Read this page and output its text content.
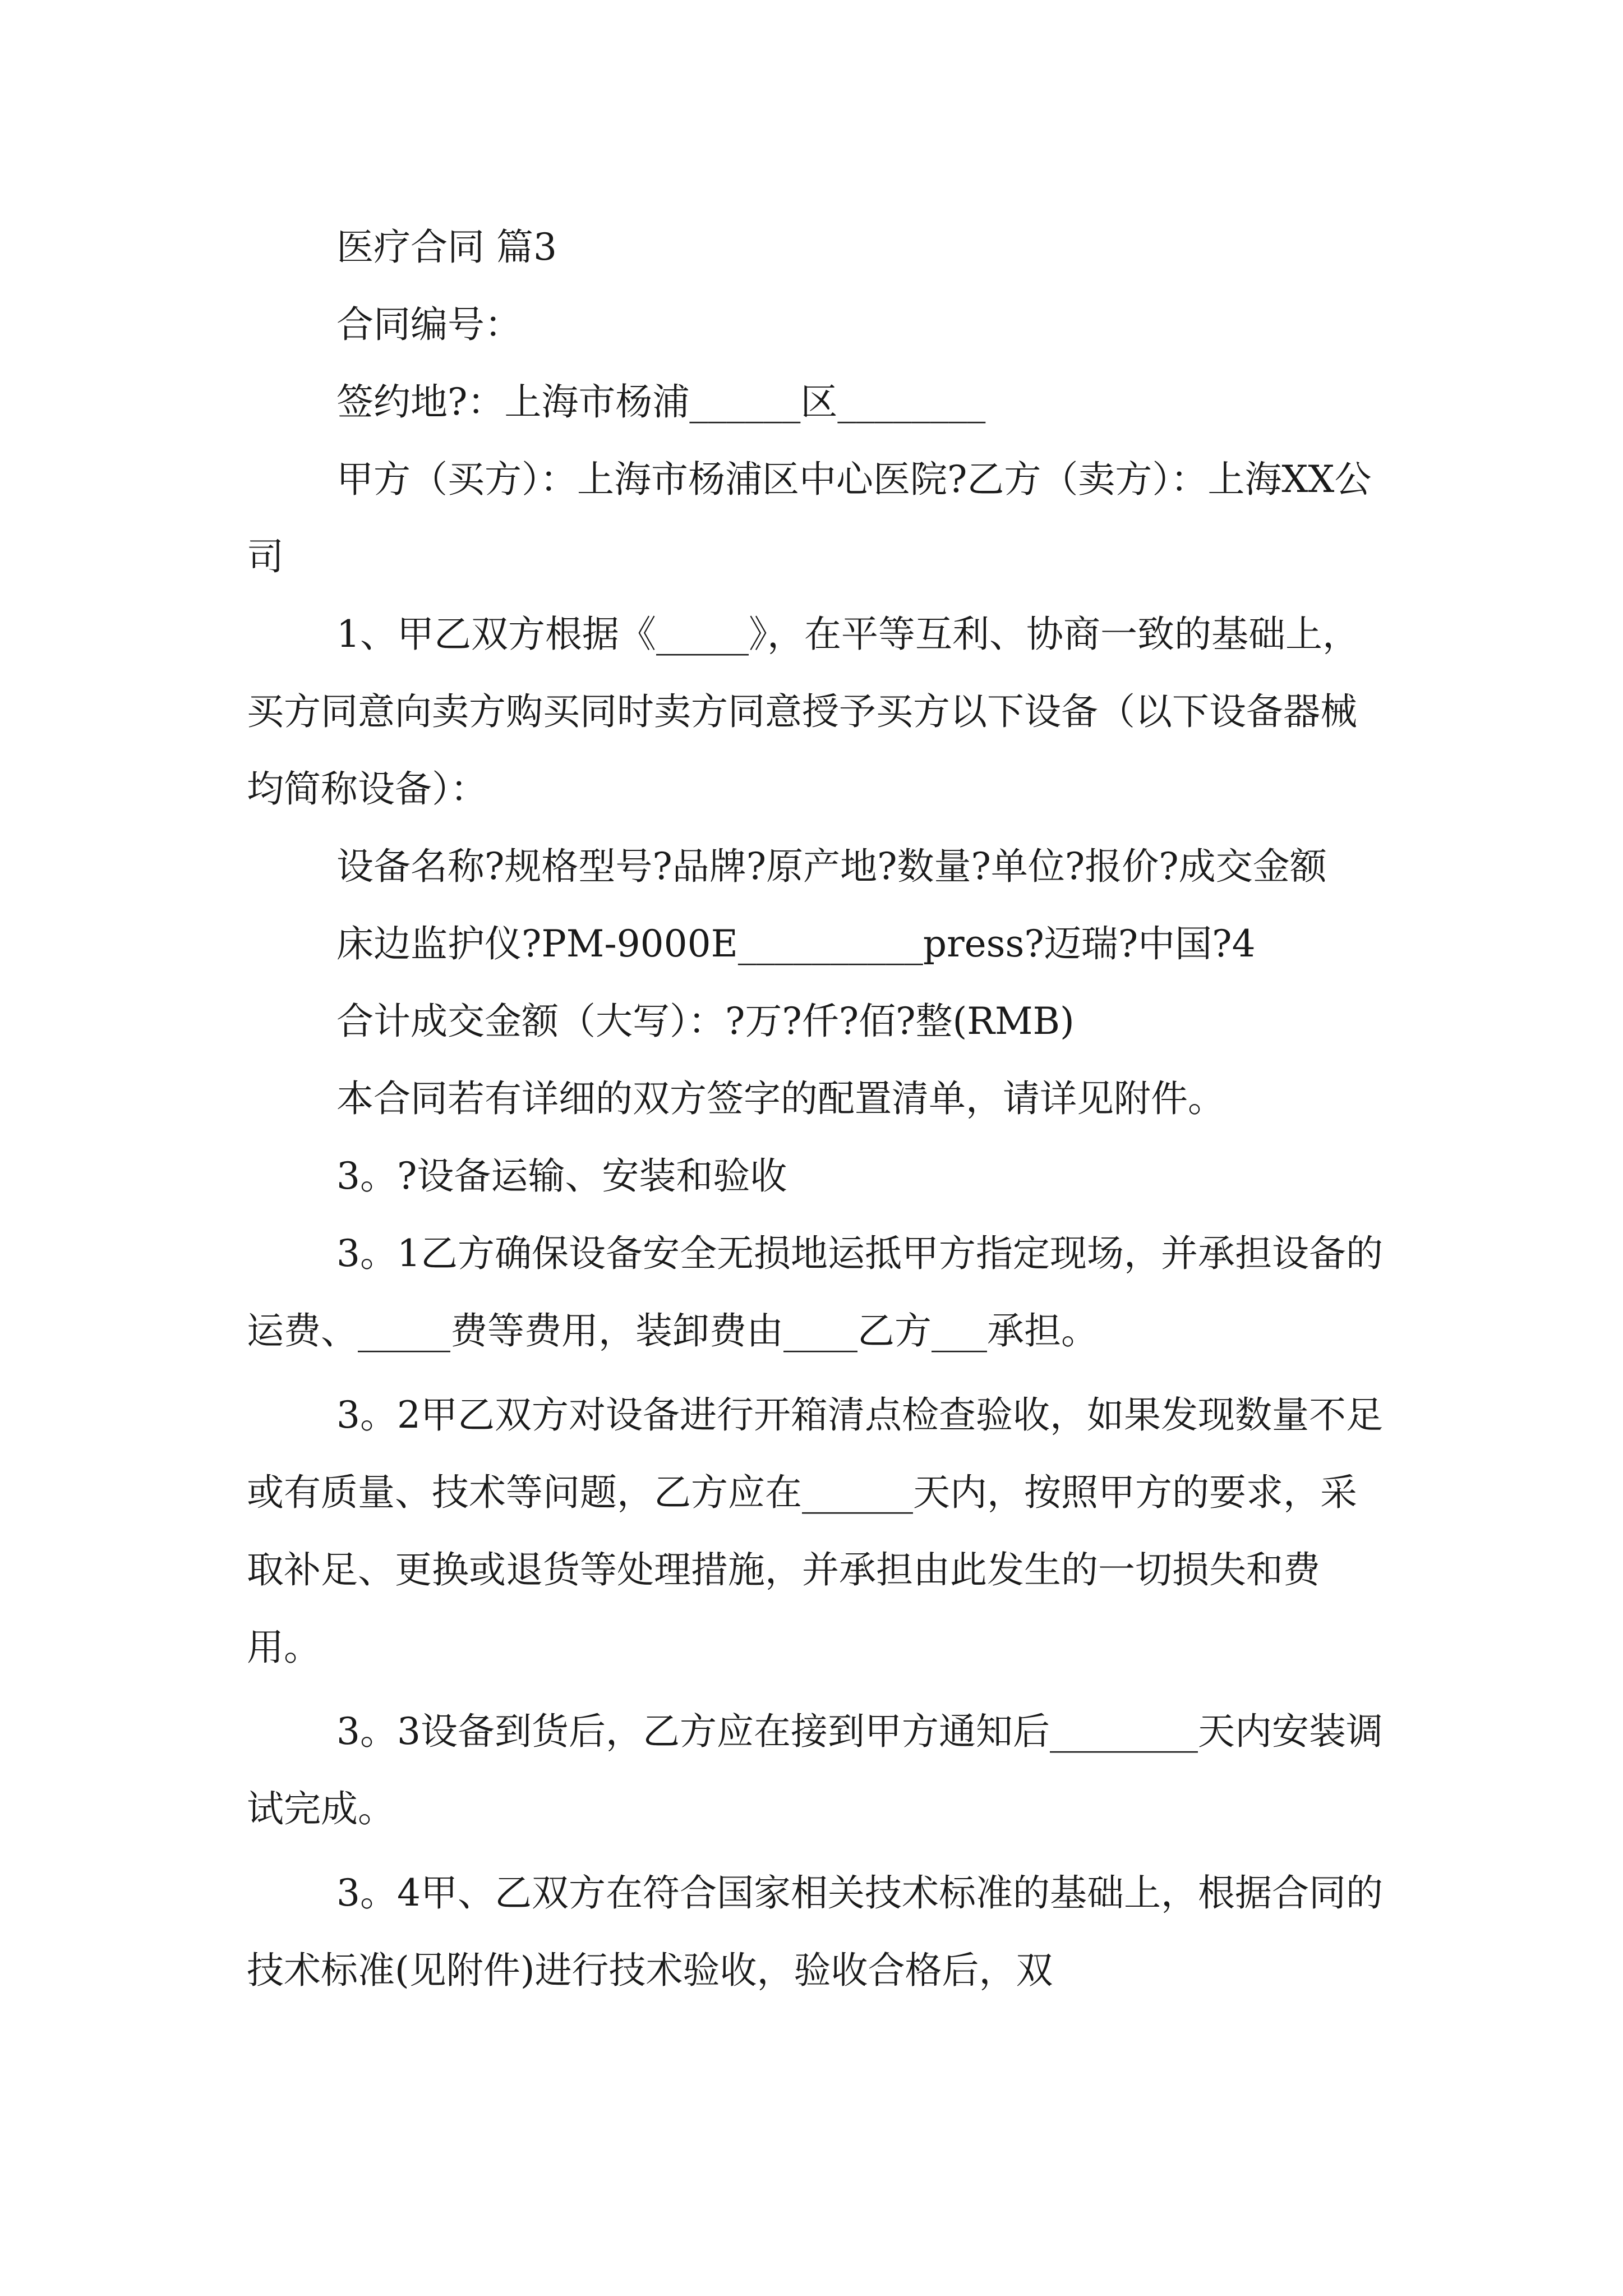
医疗合同 篇3

合同编号：

签约地?：上海市杨浦______区________

甲方（买方）：上海市杨浦区中心医院?乙方（卖方）：上海XX公司

1、甲乙双方根据《_____》，在平等互利、协商一致的基础上，买方同意向卖方购买同时卖方同意授予买方以下设备（以下设备器械均简称设备）：

设备名称?规格型号?品牌?原产地?数量?单位?报价?成交金额

床边监护仪?PM-9000E__________press?迈瑞?中国?4

合计成交金额（大写）：?万?仟?佰?整(RMB)

本合同若有详细的双方签字的配置清单，请详见附件。

3。?设备运输、安装和验收

3。1乙方确保设备安全无损地运抵甲方指定现场，并承担设备的运费、_____费等费用，装卸费由____乙方___承担。

3。2甲乙双方对设备进行开箱清点检查验收，如果发现数量不足或有质量、技术等问题，乙方应在______天内，按照甲方的要求，采取补足、更换或退货等处理措施，并承担由此发生的一切损失和费用。

3。3设备到货后，乙方应在接到甲方通知后________天内安装调试完成。

3。4甲、乙双方在符合国家相关技术标准的基础上，根据合同的技术标准(见附件)进行技术验收，验收合格后，双
